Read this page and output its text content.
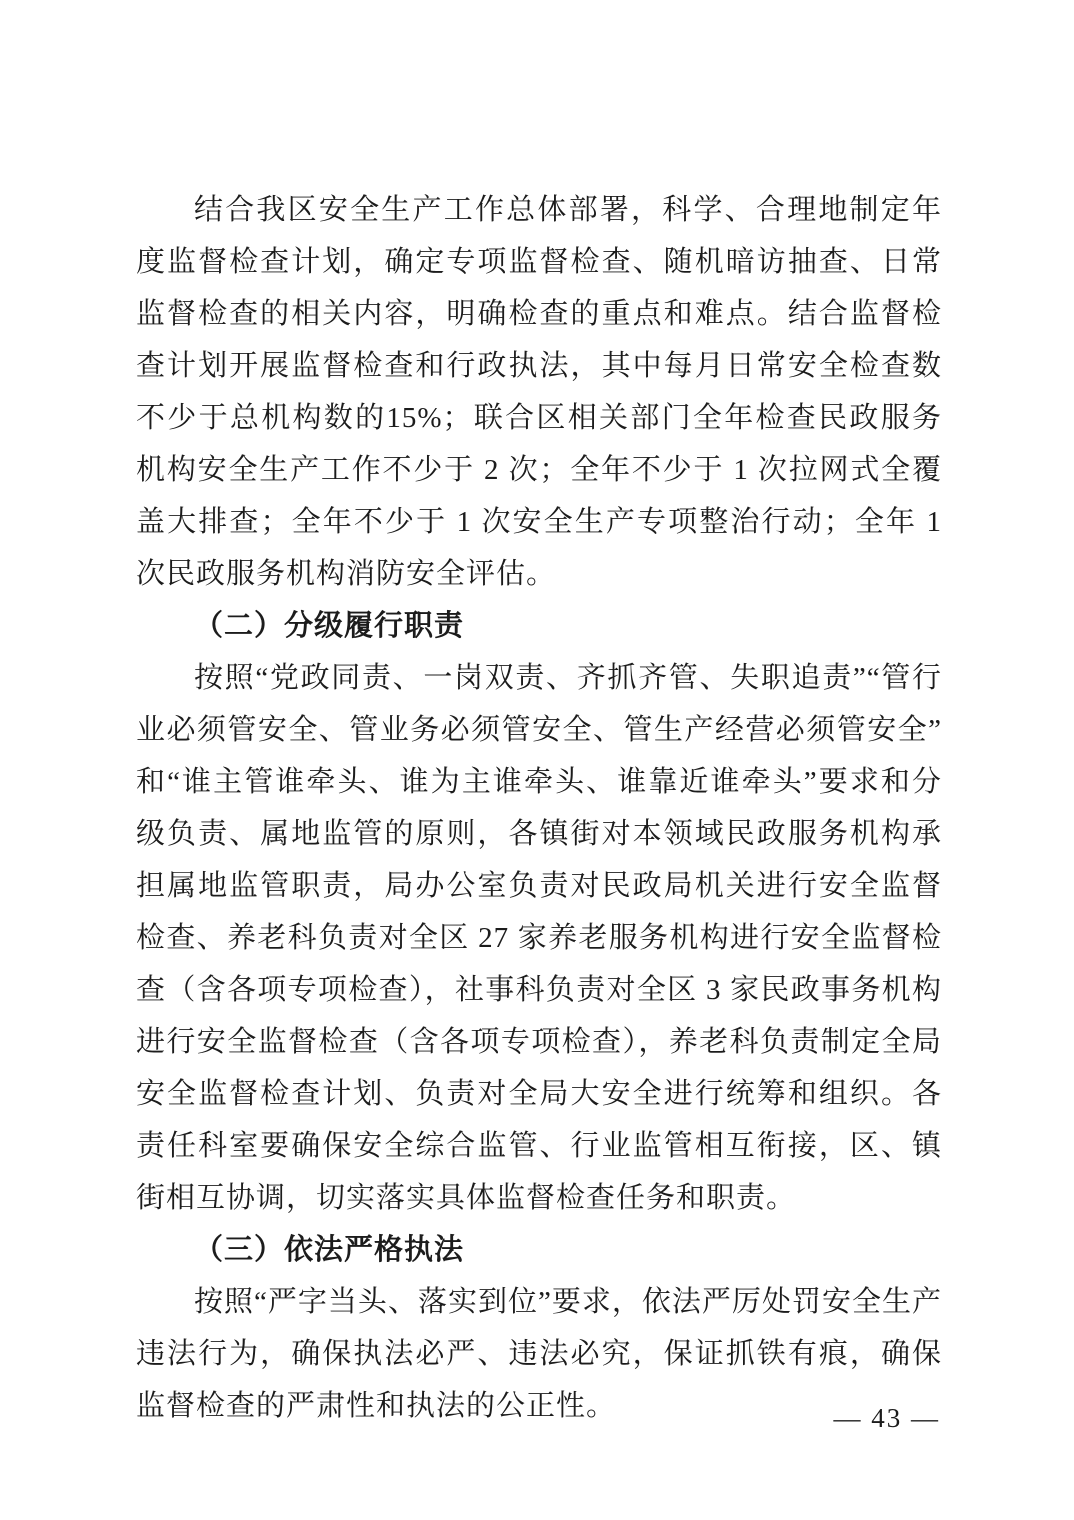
结合我区安全生产工作总体部署，科学、合理地制定年度监督检查计划，确定专项监督检查、随机暗访抽查、日常监督检查的相关内容，明确检查的重点和难点。结合监督检查计划开展监督检查和行政执法，其中每月日常安全检查数不少于总机构数的15%；联合区相关部门全年检查民政服务机构安全生产工作不少于 2 次；全年不少于 1 次拉网式全覆盖大排查；全年不少于 1 次安全生产专项整治行动；全年 1 次民政服务机构消防安全评估。

（二）分级履行职责

按照“党政同责、一岗双责、齐抓齐管、失职追责”“管行业必须管安全、管业务必须管安全、管生产经营必须管安全”和“谁主管谁牵头、谁为主谁牵头、谁靠近谁牵头”要求和分级负责、属地监管的原则，各镇街对本领域民政服务机构承担属地监管职责，局办公室负责对民政局机关进行安全监督检查、养老科负责对全区 27 家养老服务机构进行安全监督检查（含各项专项检查），社事科负责对全区 3 家民政事务机构进行安全监督检查（含各项专项检查），养老科负责制定全局安全监督检查计划、负责对全局大安全进行统筹和组织。各责任科室要确保安全综合监管、行业监管相互衔接，区、镇街相互协调，切实落实具体监督检查任务和职责。

（三）依法严格执法

按照“严字当头、落实到位”要求，依法严厉处罚安全生产违法行为，确保执法必严、违法必究，保证抓铁有痕，确保监督检查的严肃性和执法的公正性。	— 43 —
